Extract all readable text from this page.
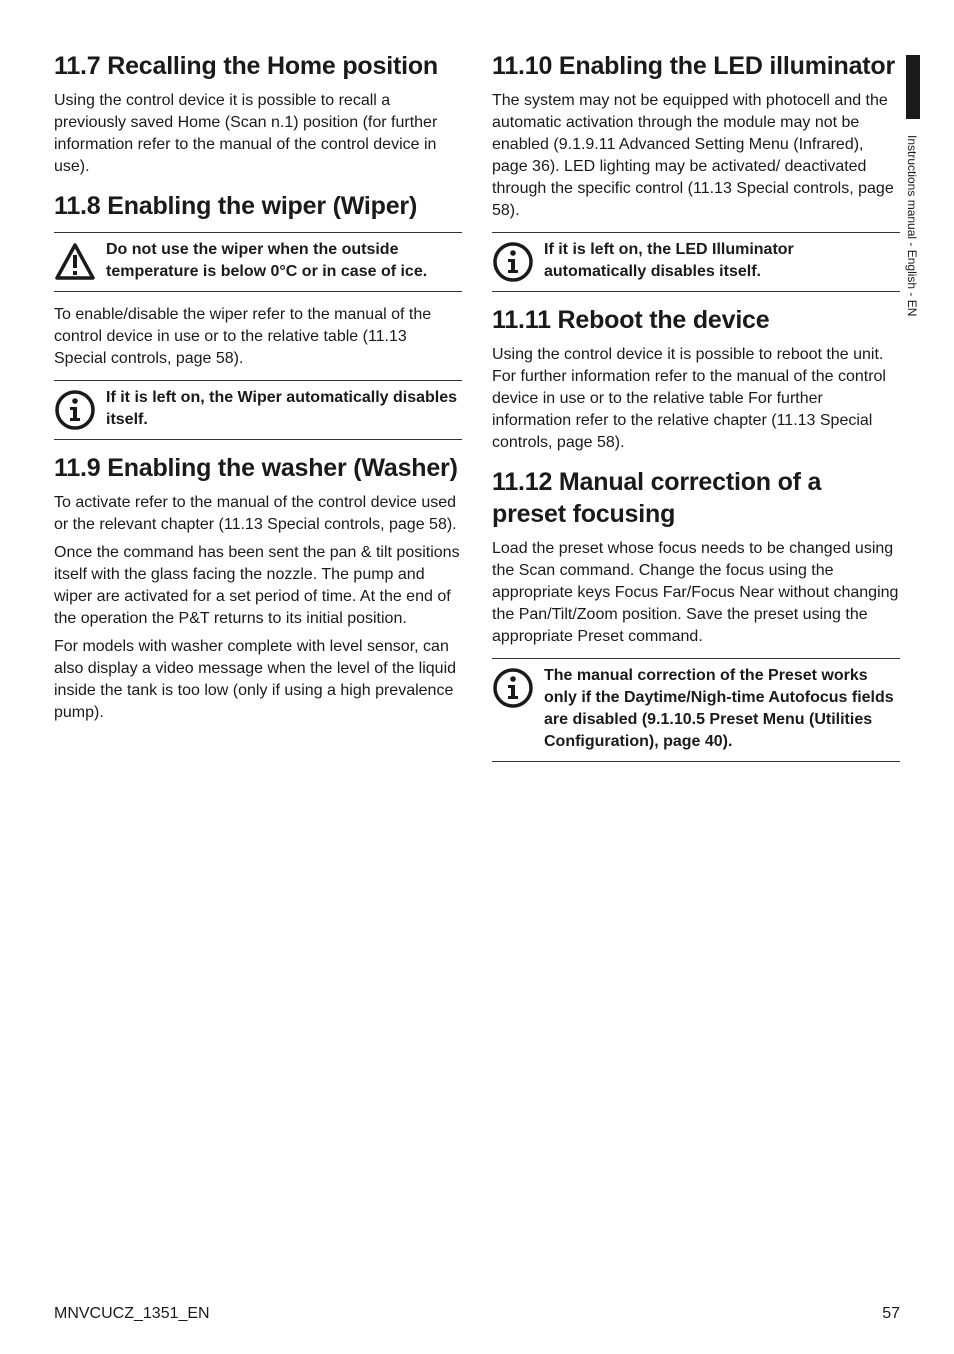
11.7 Recalling the Home position

Using the control device it is possible to recall a previously saved Home (Scan n.1) position (for further information refer to the manual of the control device in use).

11.8 Enabling the wiper (Wiper)
Do not use the wiper when the outside temperature is below 0°C or in case of ice.

To enable/disable the wiper refer to the manual of the control device in use or to the relative table (11.13 Special controls, page 58).

If it is left on, the Wiper automatically disables itself.
11.9 Enabling the washer (Washer)

To activate refer to the manual of the control device used or the relevant chapter (11.13 Special controls, page 58).

Once the command has been sent the pan & tilt positions itself with the glass facing the nozzle. The pump and wiper are activated for a set period of time. At the end of the operation the P&T returns to its initial position.

For models with washer complete with level sensor, can also display a video message when the level of the liquid inside the tank is too low (only if using a high prevalence pump).

11.10 Enabling the LED illuminator

The system may not be equipped with photocell and the automatic activation through the module may not be enabled (9.1.9.11 Advanced Setting Menu (Infrared), page 36). LED lighting may be activated/ deactivated through the specific control (11.13 Special controls, page 58).

If it is left on, the LED Illuminator automatically disables itself.
11.11 Reboot the device

Using the control device it is possible to reboot the unit. For further information refer to the manual of the control device in use or to the relative table For further information refer to the relative chapter (11.13 Special controls, page 58).

11.12 Manual correction of a preset focusing

Load the preset whose focus needs to be changed using the Scan command. Change the focus using the appropriate keys Focus Far/Focus Near without changing the Pan/Tilt/Zoom position. Save the preset using the appropriate Preset command.

The manual correction of the Preset works only if the Daytime/Nigh-time Autofocus fields are disabled (9.1.10.5 Preset Menu (Utilities Configuration), page 40).
Instructions manual - English - EN
MNVCUCZ_1351_EN	57
